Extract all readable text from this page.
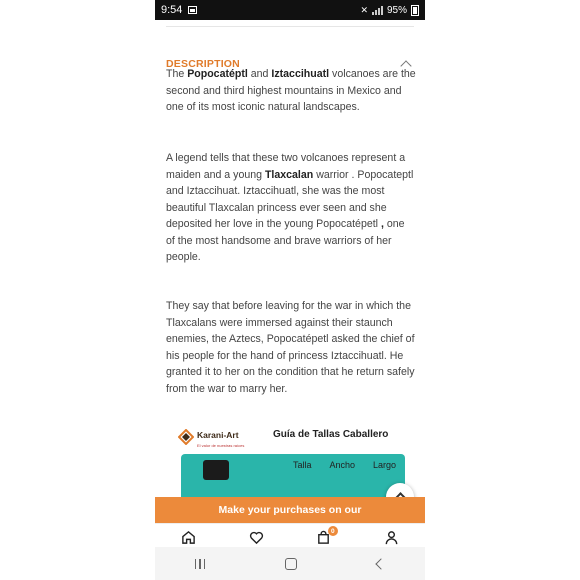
9:54	✕ 95%
DESCRIPTION

The Popocatéptl and Iztaccihuatl volcanoes are the second and third highest mountains in Mexico and one of its most iconic natural landscapes.

A legend tells that these two volcanoes represent a maiden and a young Tlaxcalan warrior . Popocateptl and Iztaccihuat. Iztaccihuatl, she was the most beautiful Tlaxcalan princess ever seen and she deposited her love in the young Popocatépetl , one of the most handsome and brave warriors of her people.

They say that before leaving for the war in which the Tlaxcalans were immersed against their staunch enemies, the Aztecs, Popocatépetl asked the chief of his people for the hand of princess Iztaccihuatl. He granted it to her on the condition that he return safely from the war to marry her.

Karani-Art
El valor de nuestras raíces
Guía de Tallas Caballero
Talla Ancho Largo
Make your purchases on our
0
